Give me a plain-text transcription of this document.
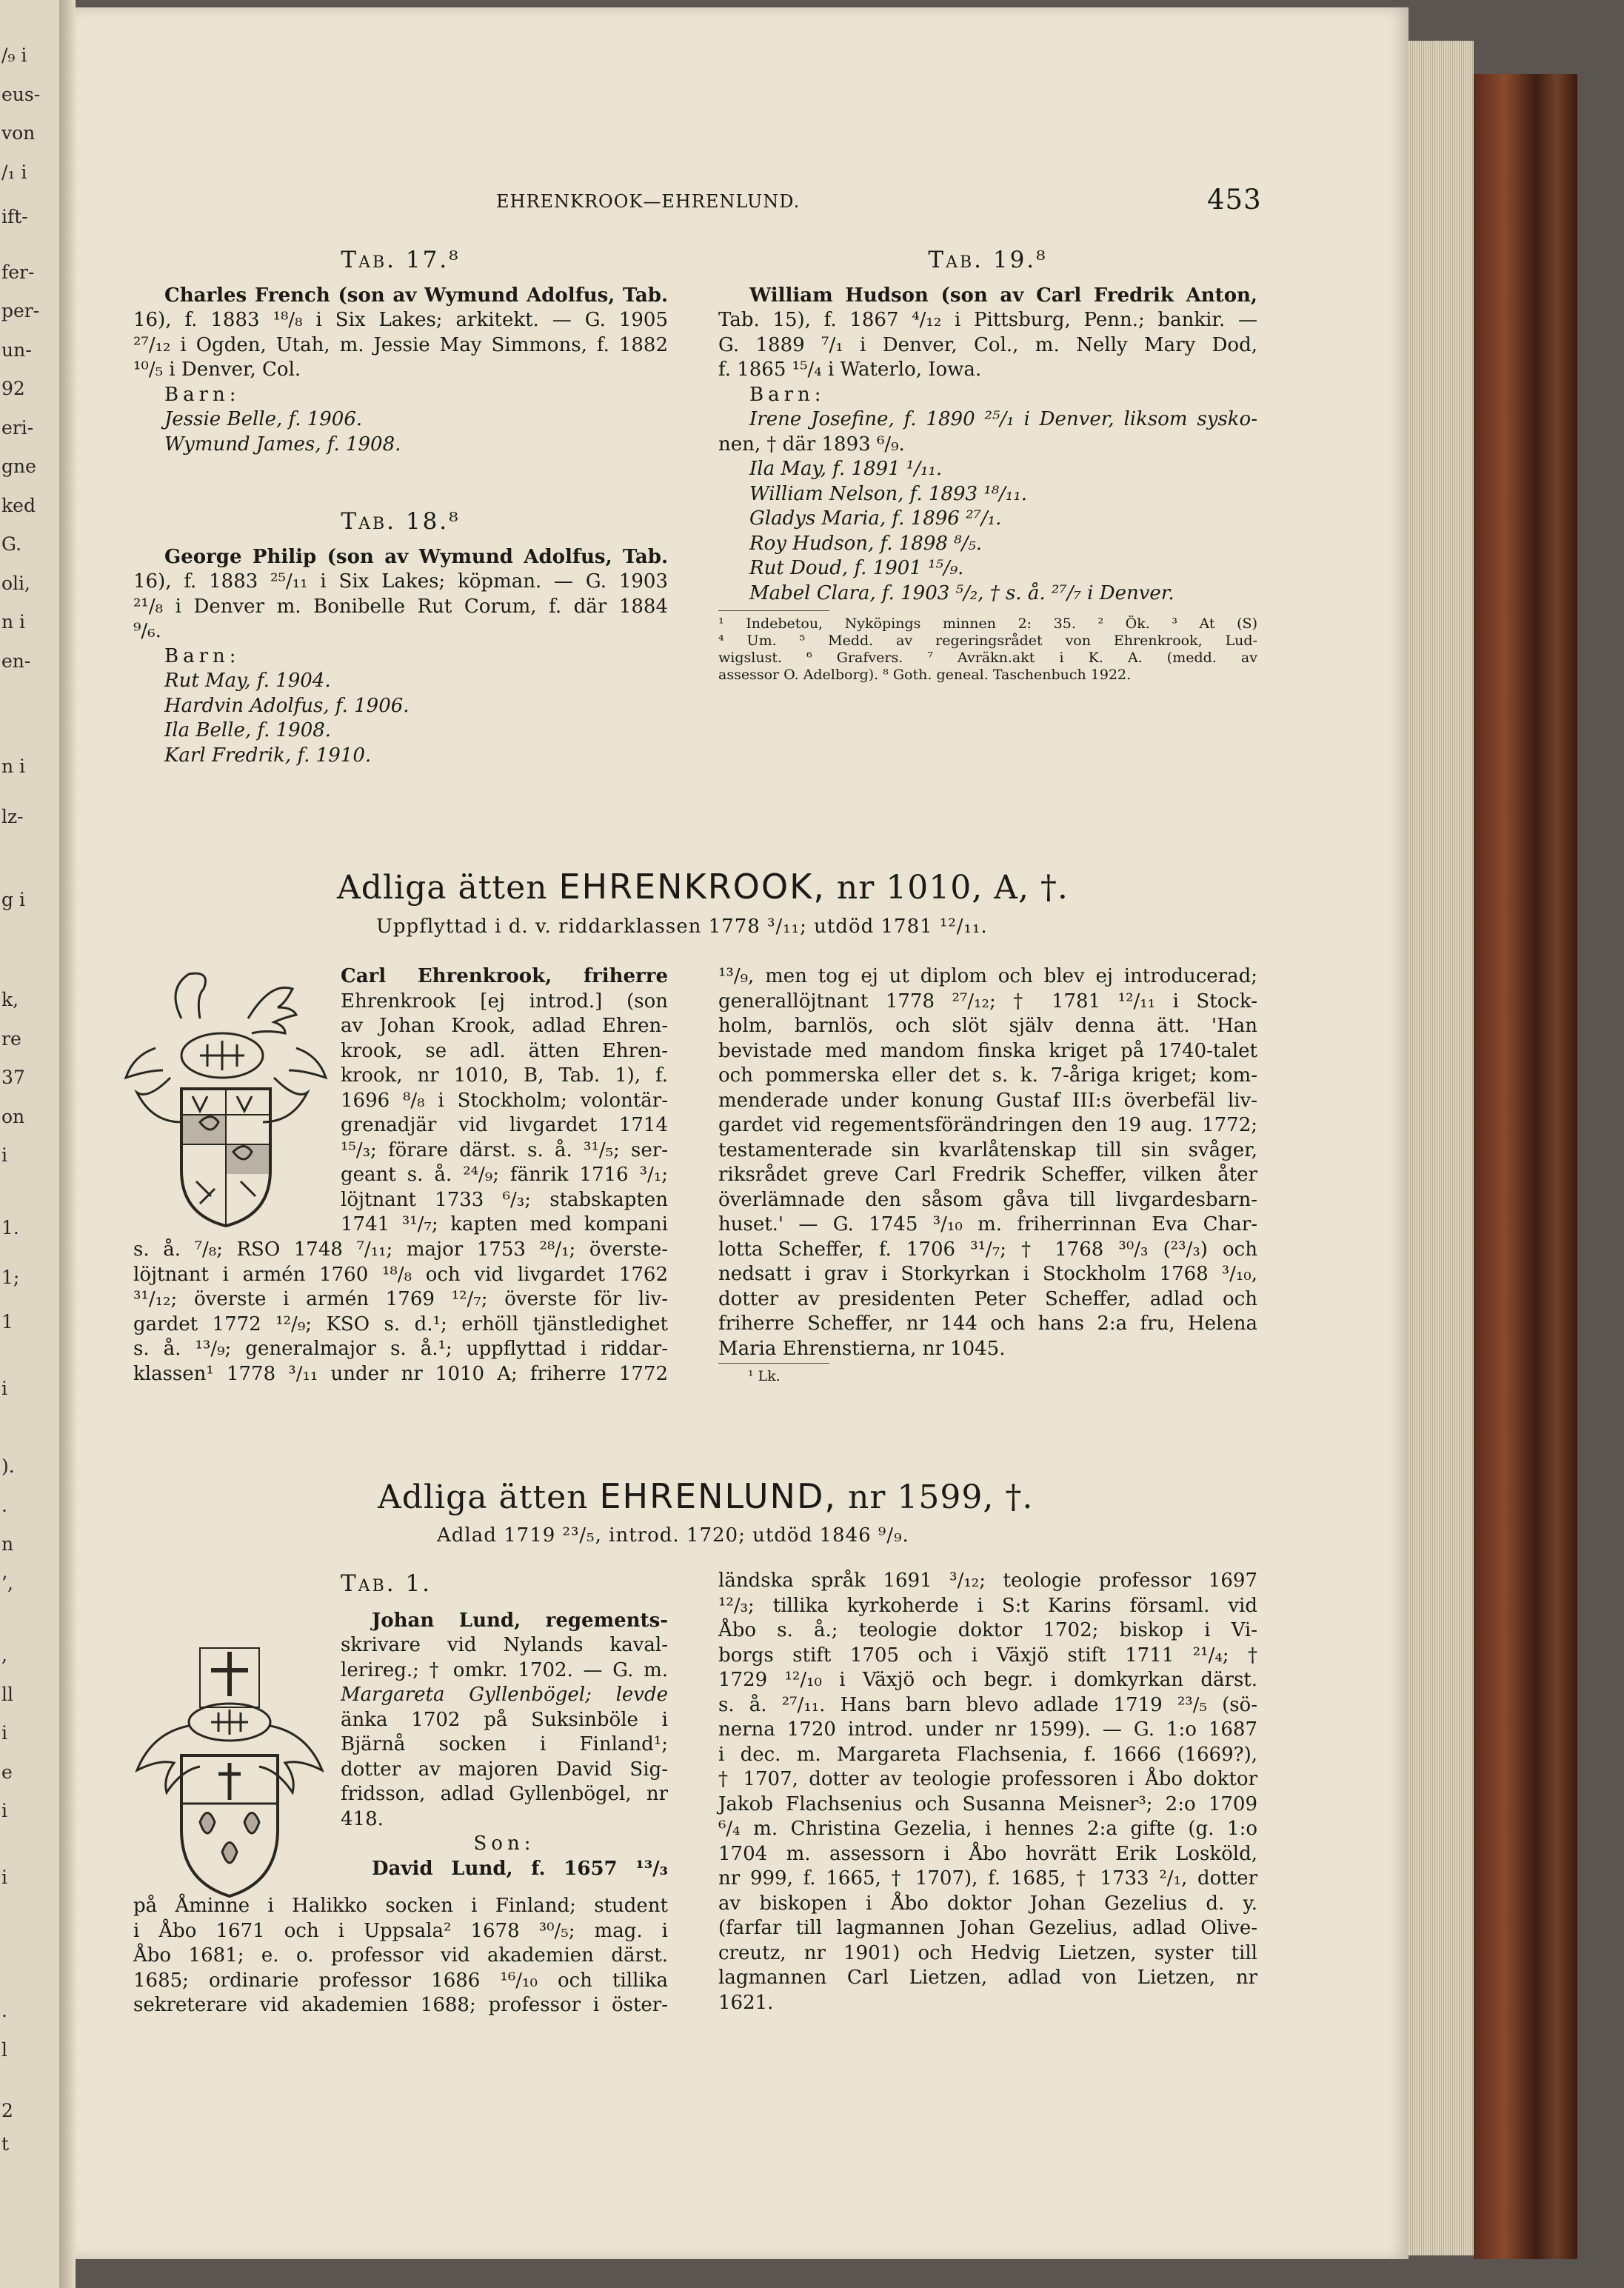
/₉ i
eus-
von
/₁ i
ift-
fer-
per-
un-
92
eri-
gne
ked
G.
oli,
n i
en-
n i
lz-
g i
k,
re
37
on
i
1.
1;
1
i
).
.
n
’,
,
ll
i
e
i
i
.
l
2
t
EHRENKROOK—EHRENLUND.	453

Tab. 17.⁸

Charles French (son av Wymund Adolfus, Tab.

16), f. 1883 ¹⁸/₈ i Six Lakes; arkitekt. — G. 1905

²⁷/₁₂ i Ogden, Utah, m. Jessie May Simmons, f. 1882

¹⁰/₅ i Denver, Col.

Barn:

Jessie Belle, f. 1906.

Wymund James, f. 1908.

Tab. 18.⁸

George Philip (son av Wymund Adolfus, Tab.

16), f. 1883 ²⁵/₁₁ i Six Lakes; köpman. — G. 1903

²¹/₈ i Denver m. Bonibelle Rut Corum, f. där 1884

⁹/₆.

Barn:

Rut May, f. 1904.

Hardvin Adolfus, f. 1906.

Ila Belle, f. 1908.

Karl Fredrik, f. 1910.

Tab. 19.⁸

William Hudson (son av Carl Fredrik Anton,

Tab. 15), f. 1867 ⁴/₁₂ i Pittsburg, Penn.; bankir. —

G. 1889 ⁷/₁ i Denver, Col., m. Nelly Mary Dod,

f. 1865 ¹⁵/₄ i Waterlo, Iowa.

Barn:

Irene Josefine, f. 1890 ²⁵/₁ i Denver, liksom sysko-

nen, † där 1893 ⁶/₉.

Ila May, f. 1891 ¹/₁₁.

William Nelson, f. 1893 ¹⁸/₁₁.

Gladys Maria, f. 1896 ²⁷/₁.

Roy Hudson, f. 1898 ⁸/₅.

Rut Doud, f. 1901 ¹⁵/₉.

Mabel Clara, f. 1903 ⁵/₂, † s. å. ²⁷/₇ i Denver.

¹ Indebetou, Nyköpings minnen 2: 35. ² Ök. ³ At (S)

⁴ Um. ⁵ Medd. av regeringsrådet von Ehrenkrook, Lud-

wigslust. ⁶ Grafvers. ⁷ Avräkn.akt i K. A. (medd. av

assessor O. Adelborg). ⁸ Goth. geneal. Taschenbuch 1922.

Adliga ätten EHRENKROOK, nr 1010, A, †.
Uppflyttad i d. v. riddarklassen 1778 ³/₁₁; utdöd 1781 ¹²/₁₁.

Carl Ehrenkrook, friherre

Ehrenkrook [ej introd.] (son

av Johan Krook, adlad Ehren-

krook, se adl. ätten Ehren-

krook, nr 1010, B, Tab. 1), f.

1696 ⁸/₈ i Stockholm; volontär-

grenadjär vid livgardet 1714

¹⁵/₃; förare därst. s. å. ³¹/₅; ser-

geant s. å. ²⁴/₉; fänrik 1716 ³/₁;

löjtnant 1733 ⁶/₃; stabskapten

1741 ³¹/₇; kapten med kompani

s. å. ⁷/₈; RSO 1748 ⁷/₁₁; major 1753 ²⁸/₁; överste-

löjtnant i armén 1760 ¹⁸/₈ och vid livgardet 1762

³¹/₁₂; överste i armén 1769 ¹²/₇; överste för liv-

gardet 1772 ¹²/₉; KSO s. d.¹; erhöll tjänstledighet

s. å. ¹³/₉; generalmajor s. å.¹; uppflyttad i riddar-

klassen¹ 1778 ³/₁₁ under nr 1010 A; friherre 1772

¹³/₉, men tog ej ut diplom och blev ej introducerad;

generallöjtnant 1778 ²⁷/₁₂; † 1781 ¹²/₁₁ i Stock-

holm, barnlös, och slöt själv denna ätt. 'Han

bevistade med mandom finska kriget på 1740-talet

och pommerska eller det s. k. 7-åriga kriget; kom-

menderade under konung Gustaf III:s överbefäl liv-

gardet vid regementsförändringen den 19 aug. 1772;

testamenterade sin kvarlåtenskap till sin svåger,

riksrådet greve Carl Fredrik Scheffer, vilken åter

överlämnade den såsom gåva till livgardesbarn-

huset.' — G. 1745 ³/₁₀ m. friherrinnan Eva Char-

lotta Scheffer, f. 1706 ³¹/₇; † 1768 ³⁰/₃ (²³/₃) och

nedsatt i grav i Storkyrkan i Stockholm 1768 ³/₁₀,

dotter av presidenten Peter Scheffer, adlad och

friherre Scheffer, nr 144 och hans 2:a fru, Helena

Maria Ehrenstierna, nr 1045.

¹ Lk.

Adliga ätten EHRENLUND, nr 1599, †.
Adlad 1719 ²³/₅, introd. 1720; utdöd 1846 ⁹/₉.

Tab. 1.

Johan Lund, regements-

skrivare vid Nylands kaval-

lerireg.; † omkr. 1702. — G. m.

Margareta Gyllenbögel; levde

änka 1702 på Suksinböle i

Bjärnå socken i Finland¹;

dotter av majoren David Sig-

fridsson, adlad Gyllenbögel, nr

418.

Son:

David Lund, f. 1657 ¹³/₃

på Åminne i Halikko socken i Finland; student

i Åbo 1671 och i Uppsala² 1678 ³⁰/₅; mag. i

Åbo 1681; e. o. professor vid akademien därst.

1685; ordinarie professor 1686 ¹⁶/₁₀ och tillika

sekreterare vid akademien 1688; professor i öster-

ländska språk 1691 ³/₁₂; teologie professor 1697

¹²/₃; tillika kyrkoherde i S:t Karins församl. vid

Åbo s. å.; teologie doktor 1702; biskop i Vi-

borgs stift 1705 och i Växjö stift 1711 ²¹/₄; †

1729 ¹²/₁₀ i Växjö och begr. i domkyrkan därst.

s. å. ²⁷/₁₁. Hans barn blevo adlade 1719 ²³/₅ (sö-

nerna 1720 introd. under nr 1599). — G. 1:o 1687

i dec. m. Margareta Flachsenia, f. 1666 (1669?),

† 1707, dotter av teologie professoren i Åbo doktor

Jakob Flachsenius och Susanna Meisner³; 2:o 1709

⁶/₄ m. Christina Gezelia, i hennes 2:a gifte (g. 1:o

1704 m. assessorn i Åbo hovrätt Erik Losköld,

nr 999, f. 1665, † 1707), f. 1685, † 1733 ²/₁, dotter

av biskopen i Åbo doktor Johan Gezelius d. y.

(farfar till lagmannen Johan Gezelius, adlad Olive-

creutz, nr 1901) och Hedvig Lietzen, syster till

lagmannen Carl Lietzen, adlad von Lietzen, nr

1621.
